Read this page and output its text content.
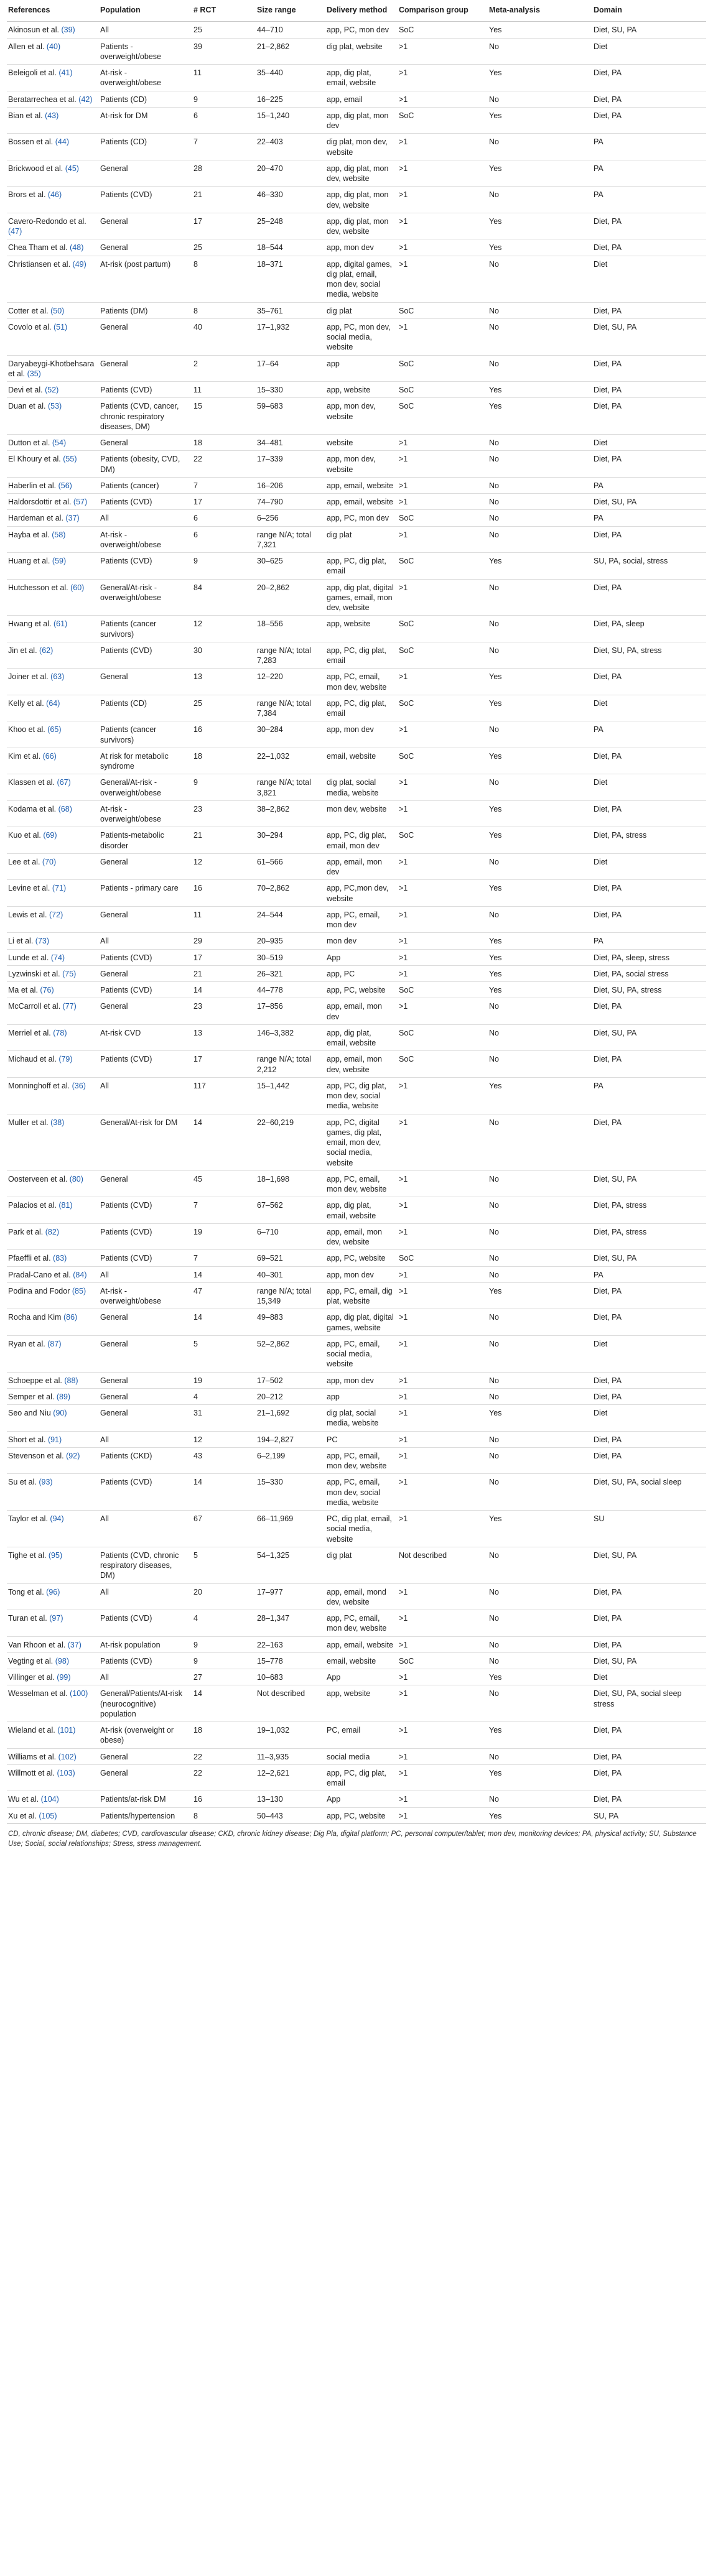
References	Population	# RCT	Size range	Delivery method	Comparison group	Meta-analysis	Domain
Akinosun et al. (39)	All	25	44–710	app, PC, mon dev	SoC	Yes	Diet, SU, PA
Allen et al. (40)	Patients - overweight/obese	39	21–2,862	dig plat, website	>1	No	Diet
Beleigoli et al. (41)	At-risk - overweight/obese	11	35–440	app, dig plat, email, website	>1	Yes	Diet, PA
Beratarrechea et al. (42)	Patients (CD)	9	16–225	app, email	>1	No	Diet, PA
Bian et al. (43)	At-risk for DM	6	15–1,240	app, dig plat, mon dev	SoC	Yes	Diet, PA
Bossen et al. (44)	Patients (CD)	7	22–403	dig plat, mon dev, website	>1	No	PA
Brickwood et al. (45)	General	28	20–470	app, dig plat, mon dev, website	>1	Yes	PA
Brors et al. (46)	Patients (CVD)	21	46–330	app, dig plat, mon dev, website	>1	No	PA
Cavero-Redondo et al. (47)	General	17	25–248	app, dig plat, mon dev, website	>1	Yes	Diet, PA
Chea Tham et al. (48)	General	25	18–544	app, mon dev	>1	Yes	Diet, PA
Christiansen et al. (49)	At-risk (post partum)	8	18–371	app, digital games, dig plat, email, mon dev, social media, website	>1	No	Diet
Cotter et al. (50)	Patients (DM)	8	35–761	dig plat	SoC	No	Diet, PA
Covolo et al. (51)	General	40	17–1,932	app, PC, mon dev, social media, website	>1	No	Diet, SU, PA
Daryabeygi-Khotbehsara et al. (35)	General	2	17–64	app	SoC	No	Diet, PA
Devi et al. (52)	Patients (CVD)	11	15–330	app, website	SoC	Yes	Diet, PA
Duan et al. (53)	Patients (CVD, cancer, chronic respiratory diseases, DM)	15	59–683	app, mon dev, website	SoC	Yes	Diet, PA
Dutton et al. (54)	General	18	34–481	website	>1	No	Diet
El Khoury et al. (55)	Patients (obesity, CVD, DM)	22	17–339	app, mon dev, website	>1	No	Diet, PA
Haberlin et al. (56)	Patients (cancer)	7	16–206	app, email, website	>1	No	PA
Haldorsdottir et al. (57)	Patients (CVD)	17	74–790	app, email, website	>1	No	Diet, SU, PA
Hardeman et al. (37)	All	6	6–256	app, PC, mon dev	SoC	No	PA
Hayba et al. (58)	At-risk - overweight/obese	6	range N/A; total 7,321	dig plat	>1	No	Diet, PA
Huang et al. (59)	Patients (CVD)	9	30–625	app, PC, dig plat, email	SoC	Yes	SU, PA, social, stress
Hutchesson et al. (60)	General/At-risk - overweight/obese	84	20–2,862	app, dig plat, digital games, email, mon dev, website	>1	No	Diet, PA
Hwang et al. (61)	Patients (cancer survivors)	12	18–556	app, website	SoC	No	Diet, PA, sleep
Jin et al. (62)	Patients (CVD)	30	range N/A; total 7,283	app, PC, dig plat, email	SoC	No	Diet, SU, PA, stress
Joiner et al. (63)	General	13	12–220	app, PC, email, mon dev, website	>1	Yes	Diet, PA
Kelly et al. (64)	Patients (CD)	25	range N/A; total 7,384	app, PC, dig plat, email	SoC	Yes	Diet
Khoo et al. (65)	Patients (cancer survivors)	16	30–284	app, mon dev	>1	No	PA
Kim et al. (66)	At risk for metabolic syndrome	18	22–1,032	email, website	SoC	Yes	Diet, PA
Klassen et al. (67)	General/At-risk - overweight/obese	9	range N/A; total 3,821	dig plat, social media, website	>1	No	Diet
Kodama et al. (68)	At-risk - overweight/obese	23	38–2,862	mon dev, website	>1	Yes	Diet, PA
Kuo et al. (69)	Patients-metabolic disorder	21	30–294	app, PC, dig plat, email, mon dev	SoC	Yes	Diet, PA, stress
Lee et al. (70)	General	12	61–566	app, email, mon dev	>1	No	Diet
Levine et al. (71)	Patients - primary care	16	70–2,862	app, PC,mon dev, website	>1	Yes	Diet, PA
Lewis et al. (72)	General	11	24–544	app, PC, email, mon dev	>1	No	Diet, PA
Li et al. (73)	All	29	20–935	mon dev	>1	Yes	PA
Lunde et al. (74)	Patients (CVD)	17	30–519	App	>1	Yes	Diet, PA, sleep, stress
Lyzwinski et al. (75)	General	21	26–321	app, PC	>1	Yes	Diet, PA, social stress
Ma et al. (76)	Patients (CVD)	14	44–778	app, PC, website	SoC	Yes	Diet, SU, PA, stress
McCarroll et al. (77)	General	23	17–856	app, email, mon dev	>1	No	Diet, PA
Merriel et al. (78)	At-risk CVD	13	146–3,382	app, dig plat, email, website	SoC	No	Diet, SU, PA
Michaud et al. (79)	Patients (CVD)	17	range N/A; total 2,212	app, email, mon dev, website	SoC	No	Diet, PA
Monninghoff et al. (36)	All	117	15–1,442	app, PC, dig plat, mon dev, social media, website	>1	Yes	PA
Muller et al. (38)	General/At-risk for DM	14	22–60,219	app, PC, digital games, dig plat, email, mon dev, social media, website	>1	No	Diet, PA
Oosterveen et al. (80)	General	45	18–1,698	app, PC, email, mon dev, website	>1	No	Diet, SU, PA
Palacios et al. (81)	Patients (CVD)	7	67–562	app, dig plat, email, website	>1	No	Diet, PA, stress
Park et al. (82)	Patients (CVD)	19	6–710	app, email, mon dev, website	>1	No	Diet, PA, stress
Pfaeffli et al. (83)	Patients (CVD)	7	69–521	app, PC, website	SoC	No	Diet, SU, PA
Pradal-Cano et al. (84)	All	14	40–301	app, mon dev	>1	No	PA
Podina and Fodor (85)	At-risk - overweight/obese	47	range N/A; total 15,349	app, PC, email, dig plat, website	>1	Yes	Diet, PA
Rocha and Kim (86)	General	14	49–883	app, dig plat, digital games, website	>1	No	Diet, PA
Ryan et al. (87)	General	5	52–2,862	app, PC, email, social media, website	>1	No	Diet
Schoeppe et al. (88)	General	19	17–502	app, mon dev	>1	No	Diet, PA
Semper et al. (89)	General	4	20–212	app	>1	No	Diet, PA
Seo and Niu (90)	General	31	21–1,692	dig plat, social media, website	>1	Yes	Diet
Short et al. (91)	All	12	194–2,827	PC	>1	No	Diet, PA
Stevenson et al. (92)	Patients (CKD)	43	6–2,199	app, PC, email, mon dev, website	>1	No	Diet, PA
Su et al. (93)	Patients (CVD)	14	15–330	app, PC, email, mon dev, social media, website	>1	No	Diet, SU, PA, social sleep
Taylor et al. (94)	All	67	66–11,969	PC, dig plat, email, social media, website	>1	Yes	SU
Tighe et al. (95)	Patients (CVD, chronic respiratory diseases, DM)	5	54–1,325	dig plat	Not described	No	Diet, SU, PA
Tong et al. (96)	All	20	17–977	app, email, mond dev, website	>1	No	Diet, PA
Turan et al. (97)	Patients (CVD)	4	28–1,347	app, PC, email, mon dev, website	>1	No	Diet, PA
Van Rhoon et al. (37)	At-risk population	9	22–163	app, email, website	>1	No	Diet, PA
Vegting et al. (98)	Patients (CVD)	9	15–778	email, website	SoC	No	Diet, SU, PA
Villinger et al. (99)	All	27	10–683	App	>1	Yes	Diet
Wesselman et al. (100)	General/Patients/At-risk (neurocognitive) population	14	Not described	app, website	>1	No	Diet, SU, PA, social sleep stress
Wieland et al. (101)	At-risk (overweight or obese)	18	19–1,032	PC, email	>1	Yes	Diet, PA
Williams et al. (102)	General	22	11–3,935	social media	>1	No	Diet, PA
Willmott et al. (103)	General	22	12–2,621	app, PC, dig plat, email	>1	Yes	Diet, PA
Wu et al. (104)	Patients/at-risk DM	16	13–130	App	>1	No	Diet, PA
Xu et al. (105)	Patients/hypertension	8	50–443	app, PC, website	>1	Yes	SU, PA
CD, chronic disease; DM, diabetes; CVD, cardiovascular disease; CKD, chronic kidney disease; Dig Pla, digital platform; PC, personal computer/tablet; mon dev, monitoring devices; PA, physical activity; SU, Substance Use; Social, social relationships; Stress, stress management.
